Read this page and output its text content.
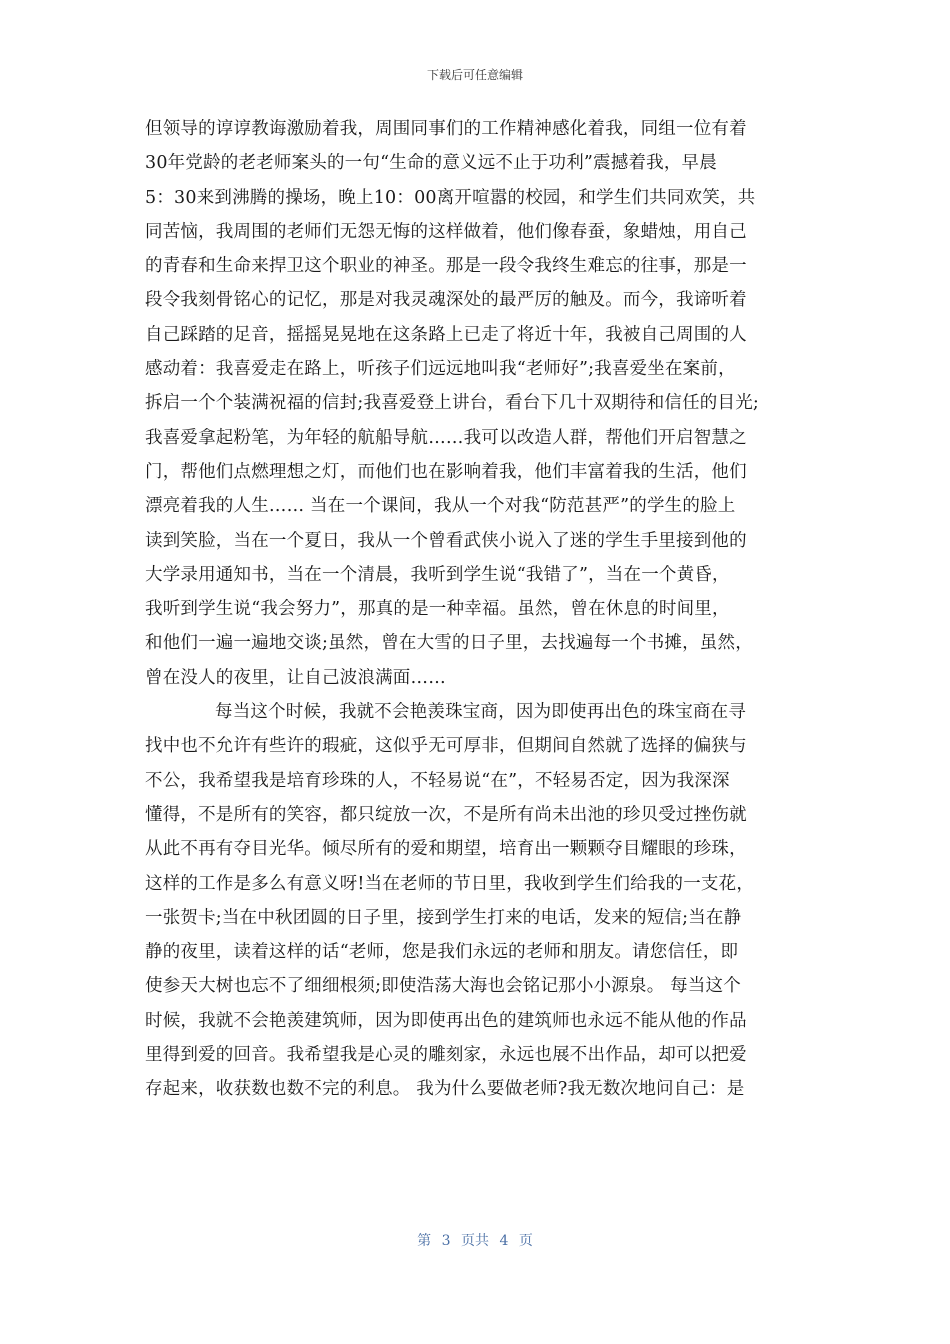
下载后可任意编辑
但领导的谆谆教诲激励着我，周围同事们的工作精神感化着我，同组一位有着
30年党龄的老老师案头的一句“生命的意义远不止于功利”震撼着我，早晨
5：30来到沸腾的操场，晚上10：00离开喧嚣的校园，和学生们共同欢笑，共
同苦恼，我周围的老师们无怨无悔的这样做着，他们像春蚕，象蜡烛，用自己
的青春和生命来捍卫这个职业的神圣。那是一段令我终生难忘的往事，那是一
段令我刻骨铭心的记忆，那是对我灵魂深处的最严厉的触及。而今，我谛听着
自己踩踏的足音，摇摇晃晃地在这条路上已走了将近十年，我被自己周围的人
感动着：我喜爱走在路上，听孩子们远远地叫我“老师好”;我喜爱坐在案前，
拆启一个个装满祝福的信封;我喜爱登上讲台，看台下几十双期待和信任的目光;
我喜爱拿起粉笔，为年轻的航船导航……我可以改造人群，帮他们开启智慧之
门，帮他们点燃理想之灯，而他们也在影响着我，他们丰富着我的生活，他们
漂亮着我的人生…… 当在一个课间，我从一个对我“防范甚严”的学生的脸上
读到笑脸，当在一个夏日，我从一个曾看武侠小说入了迷的学生手里接到他的
大学录用通知书，当在一个清晨，我听到学生说“我错了”，当在一个黄昏，
我听到学生说“我会努力”，那真的是一种幸福。虽然，曾在休息的时间里，
和他们一遍一遍地交谈;虽然，曾在大雪的日子里，去找遍每一个书摊，虽然，
曾在没人的夜里，让自己波浪满面……
每当这个时候，我就不会艳羡珠宝商，因为即使再出色的珠宝商在寻
找中也不允许有些许的瑕疵，这似乎无可厚非，但期间自然就了选择的偏狭与
不公，我希望我是培育珍珠的人，不轻易说“在”，不轻易否定，因为我深深
懂得，不是所有的笑容，都只绽放一次，不是所有尚未出池的珍贝受过挫伤就
从此不再有夺目光华。倾尽所有的爱和期望，培育出一颗颗夺目耀眼的珍珠，
这样的工作是多么有意义呀!当在老师的节日里，我收到学生们给我的一支花，
一张贺卡;当在中秋团圆的日子里，接到学生打来的电话，发来的短信;当在静
静的夜里，读着这样的话“老师，您是我们永远的老师和朋友。请您信任，即
使参天大树也忘不了细细根须;即使浩荡大海也会铭记那小小源泉。 每当这个
时候，我就不会艳羡建筑师，因为即使再出色的建筑师也永远不能从他的作品
里得到爱的回音。我希望我是心灵的雕刻家，永远也展不出作品，却可以把爱
存起来，收获数也数不完的利息。 我为什么要做老师?我无数次地问自己：是
第 3 页共 4 页
